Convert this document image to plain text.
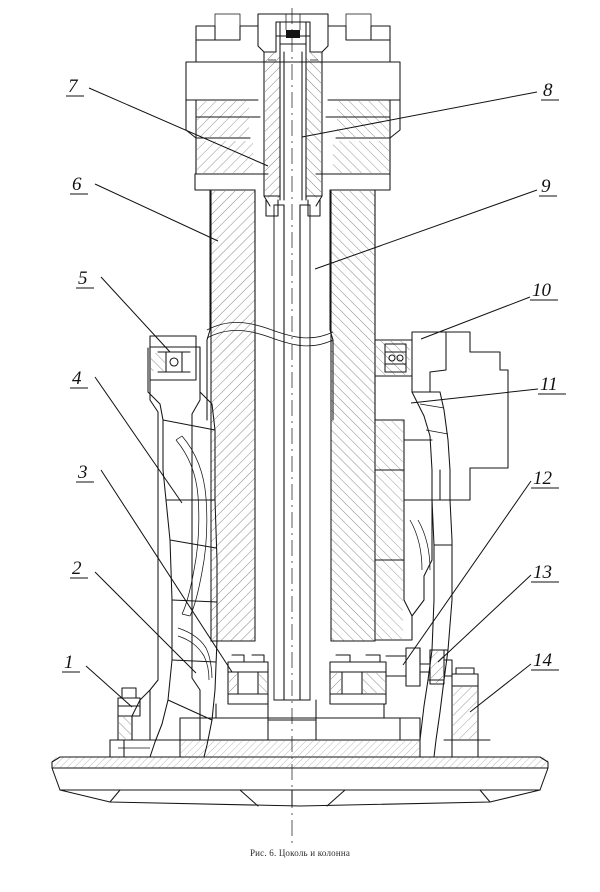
7
6
5
4
3
2
1
8
9
10
11
12
13
14
Рис. 6. Цоколь и колонна
